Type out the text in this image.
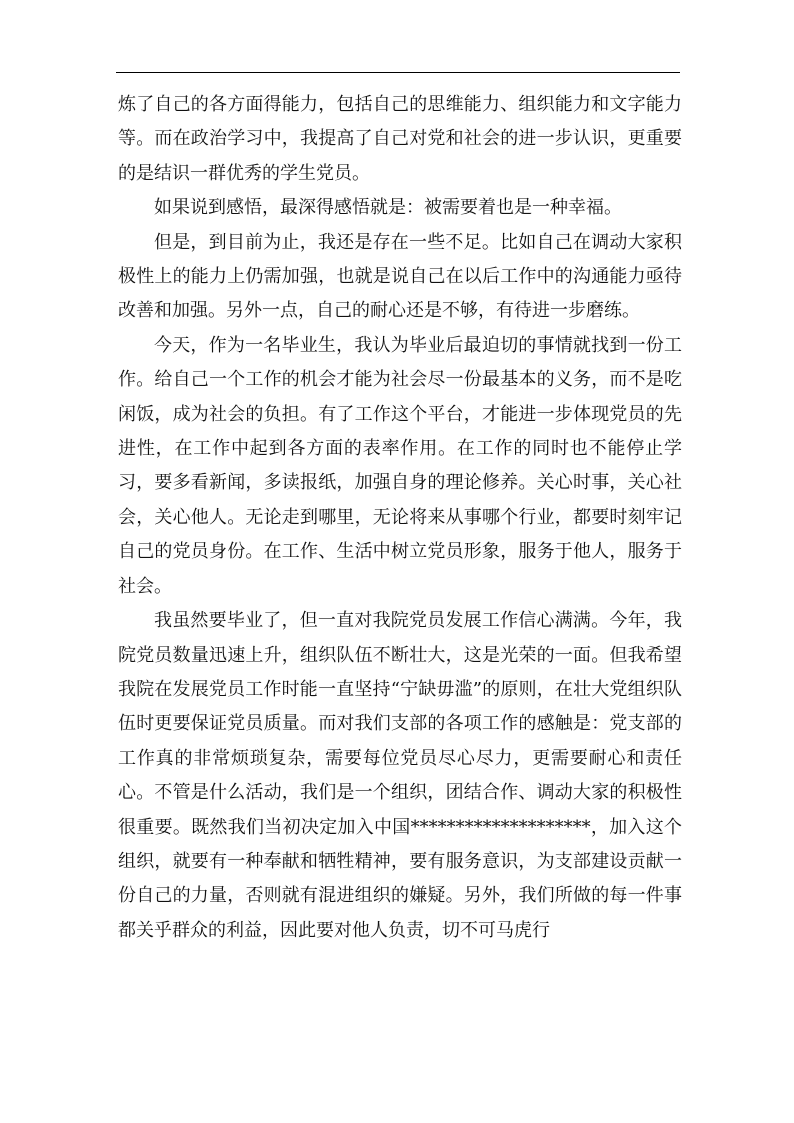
炼了自己的各方面得能力，包括自己的思维能力、组织能力和文字能力等。而在政治学习中，我提高了自己对党和社会的进一步认识，更重要的是结识一群优秀的学生党员。

如果说到感悟，最深得感悟就是：被需要着也是一种幸福。

但是，到目前为止，我还是存在一些不足。比如自己在调动大家积极性上的能力上仍需加强，也就是说自己在以后工作中的沟通能力亟待改善和加强。另外一点，自己的耐心还是不够，有待进一步磨练。

今天，作为一名毕业生，我认为毕业后最迫切的事情就找到一份工作。给自己一个工作的机会才能为社会尽一份最基本的义务，而不是吃闲饭，成为社会的负担。有了工作这个平台，才能进一步体现党员的先进性，在工作中起到各方面的表率作用。在工作的同时也不能停止学习，要多看新闻，多读报纸，加强自身的理论修养。关心时事，关心社会，关心他人。无论走到哪里，无论将来从事哪个行业，都要时刻牢记自己的党员身份。在工作、生活中树立党员形象，服务于他人，服务于社会。

我虽然要毕业了，但一直对我院党员发展工作信心满满。今年，我院党员数量迅速上升，组织队伍不断壮大，这是光荣的一面。但我希望我院在发展党员工作时能一直坚持“宁缺毋滥”的原则，在壮大党组织队伍时更要保证党员质量。而对我们支部的各项工作的感触是：党支部的工作真的非常烦琐复杂，需要每位党员尽心尽力，更需要耐心和责任心。不管是什么活动，我们是一个组织，团结合作、调动大家的积极性很重要。既然我们当初决定加入中国********************，加入这个组织，就要有一种奉献和牺牲精神，要有服务意识，为支部建设贡献一份自己的力量，否则就有混进组织的嫌疑。另外，我们所做的每一件事都关乎群众的利益，因此要对他人负责，切不可马虎行
